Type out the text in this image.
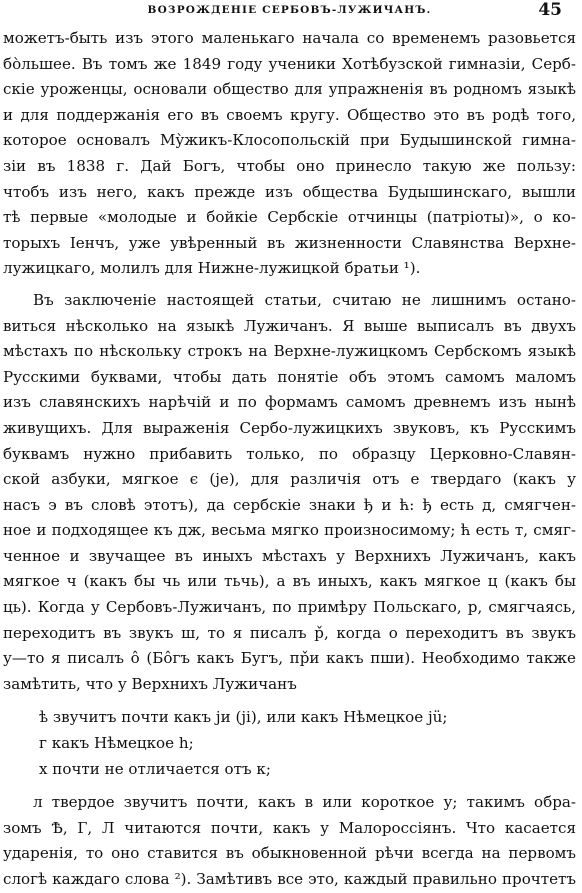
ВОЗРОЖДЕНІЕ СЕРБОВЪ-ЛУЖИЧАНЪ.	45
можетъ-быть изъ этого маленькаго начала со временемъ разовьется
бо̀льшее. Въ томъ же 1849 году ученики Хотѣбузской гимназіи, Серб-
скіе уроженцы, основали общество для упражненія въ родномъ языкѣ
и для поддержанія его въ своемъ кругу. Общество это въ родѣ того,
которое основалъ Му̀жикъ-Клосопольскій при Будышинской гимна-
зіи въ 1838 г. Дай Богъ, чтобы оно принесло такую же пользу:
чтобъ изъ него, какъ прежде изъ общества Будышинскаго, вышли
тѣ первые «молодые и бойкіе Сербскіе отчинцы (патріоты)», о ко-
торыхъ Іенчъ, уже увѣренный въ жизненности Славянства Верхне-
лужицкаго, молилъ для Нижне-лужицкой братьи ¹).
Въ заключеніе настоящей статьи, считаю не лишнимъ остано-
виться нѣсколько на языкѣ Лужичанъ. Я выше выписалъ въ двухъ
мѣстахъ по нѣскольку строкъ на Верхне-лужицкомъ Сербскомъ языкѣ
Русскими буквами, чтобы дать понятіе объ этомъ самомъ маломъ
изъ славянскихъ нарѣчій и по формамъ самомъ древнемъ изъ нынѣ
живущихъ. Для выраженія Сербо-лужицкихъ звуковъ, къ Русскимъ
буквамъ нужно прибавить только, по образцу Церковно-Славян-
ской азбуки, мягкое є (je), для различія отъ е твердаго (какъ у
насъ э въ словѣ этотъ), да сербскіе знаки ђ и ћ: ђ есть д, смягчен-
ное и подходящее къ дж, весьма мягко произносимому; ћ есть т, смяг-
ченное и звучащее въ иныхъ мѣстахъ у Верхнихъ Лужичанъ, какъ
мягкое ч (какъ бы чь или тьчь), а въ иныхъ, какъ мягкое ц (какъ бы
ць). Когда у Сербовъ-Лужичанъ, по примѣру Польскаго, р, смягчаясь,
переходитъ въ звукъ ш, то я писалъ р̌, когда о переходитъ въ звукъ
у—то я писалъ ô (Бôгъ какъ Бугъ, пр̌и какъ пши). Необходимо также
замѣтить, что у Верхнихъ Лужичанъ
ѣ звучитъ почти какъ ји (ji), или какъ Нѣмецкое jü;
г какъ Нѣмецкое h;
х почти не отличается отъ к;
л твердое звучитъ почти, какъ в или короткое у; такимъ обра-
зомъ Ѣ, Г, Л читаются почти, какъ у Малороссіянъ. Что касается
ударенія, то оно ставится въ обыкновенной рѣчи всегда на первомъ
слогѣ каждаго слова ²). Замѣтивъ все это, каждый правильно прочтетъ
